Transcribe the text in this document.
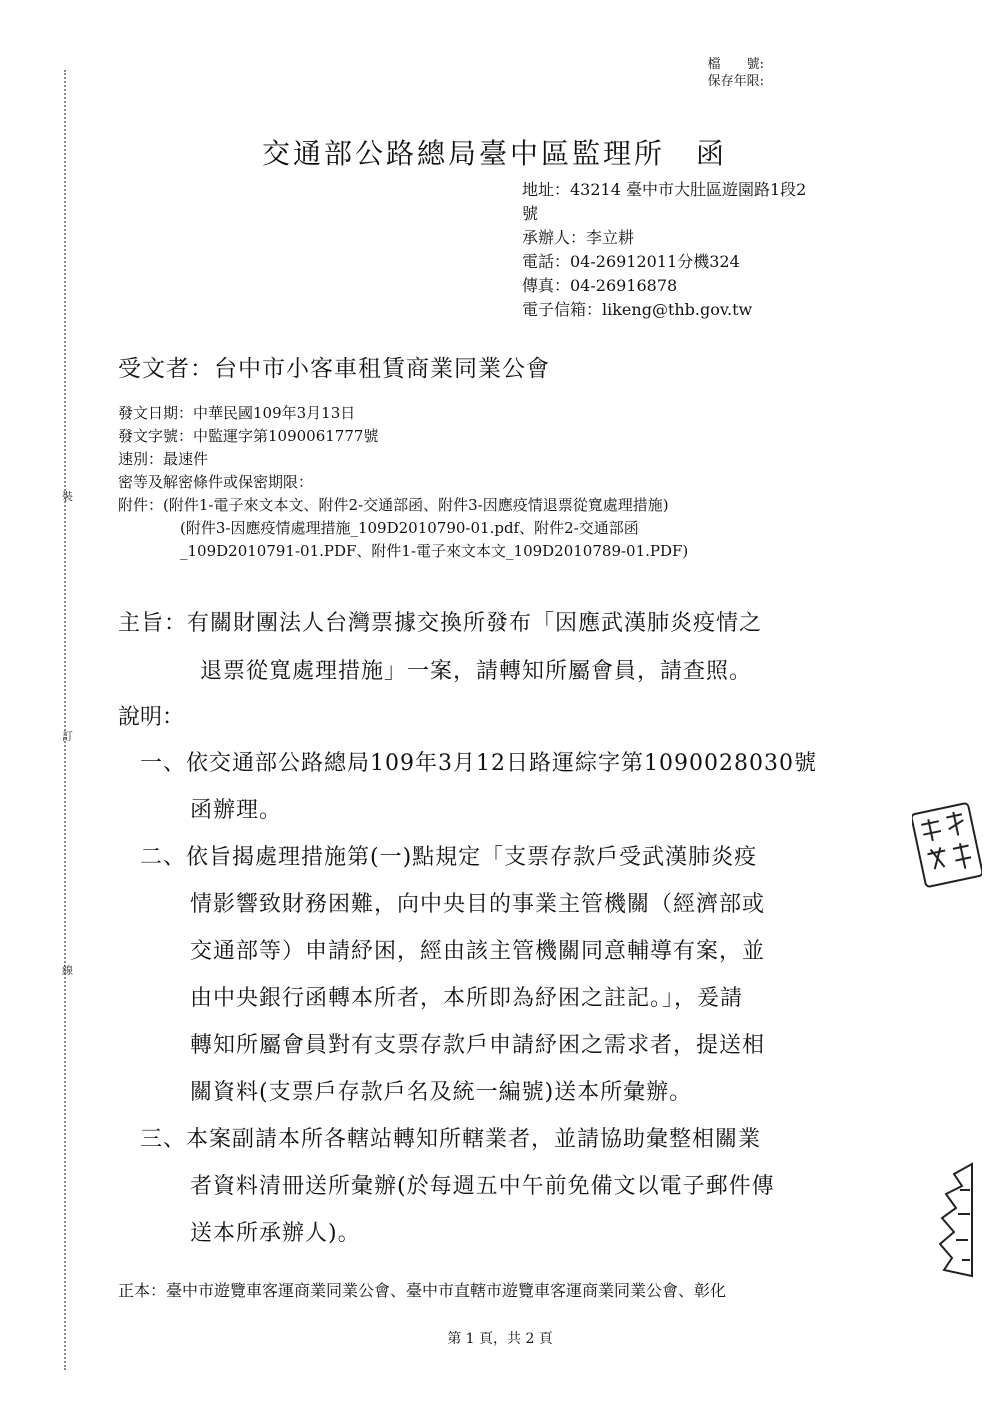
裝
訂
線
檔　　號:
保存年限:
交通部公路總局臺中區監理所　函
地址：43214 臺中市大肚區遊園路1段2
號
承辦人：李立耕
電話：04-26912011分機324
傳真：04-26916878
電子信箱：likeng@thb.gov.tw
受文者：台中市小客車租賃商業同業公會
發文日期：中華民國109年3月13日
發文字號：中監運字第1090061777號
速別：最速件
密等及解密條件或保密期限：
附件：(附件1-電子來文本文、附件2-交通部函、附件3-因應疫情退票從寬處理措施)
(附件3-因應疫情處理措施_109D2010790-01.pdf、附件2-交通部函
_109D2010791-01.PDF、附件1-電子來文本文_109D2010789-01.PDF)
主旨：有關財團法人台灣票據交換所發布「因應武漢肺炎疫情之
退票從寬處理措施」一案，請轉知所屬會員，請查照。
說明：
一、依交通部公路總局109年3月12日路運綜字第1090028030號
函辦理。
二、依旨揭處理措施第(一)點規定「支票存款戶受武漢肺炎疫
情影響致財務困難，向中央目的事業主管機關（經濟部或
交通部等）申請紓困，經由該主管機關同意輔導有案，並
由中央銀行函轉本所者，本所即為紓困之註記。」，爰請
轉知所屬會員對有支票存款戶申請紓困之需求者，提送相
關資料(支票戶存款戶名及統一編號)送本所彙辦。
三、本案副請本所各轄站轉知所轄業者，並請協助彙整相關業
者資料清冊送所彙辦(於每週五中午前免備文以電子郵件傳
送本所承辦人)。
正本：臺中市遊覽車客運商業同業公會、臺中市直轄市遊覽車客運商業同業公會、彰化
第 1 頁，共 2 頁
